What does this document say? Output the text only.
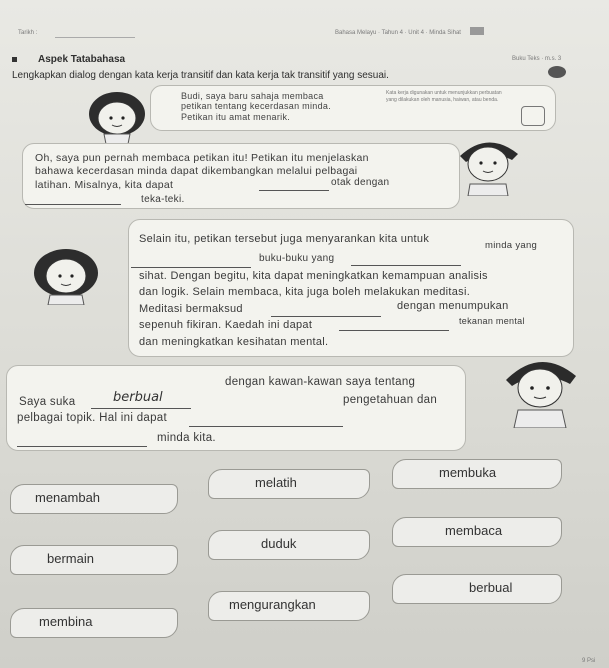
Tarikh :	Bahasa Melayu · Tahun 4 · Unit 4 · Minda Sihat
Buku Teks · m.s. 3
Aspek Tatabahasa
Lengkapkan dialog dengan kata kerja transitif dan kata kerja tak transitif yang sesuai.
Budi, saya baru sahaja membaca
petikan tentang kecerdasan minda.
Petikan itu amat menarik.
Kata kerja digunakan untuk menunjukkan perbuatan yang dilakukan oleh manusia, haiwan, atau benda.
Oh, saya pun pernah membaca petikan itu! Petikan itu menjelaskan
bahawa kecerdasan minda dapat dikembangkan melalui pelbagai
latihan. Misalnya, kita dapat	otak dengan
teka-teki.
Selain itu, petikan tersebut juga menyarankan kita untuk
minda yang
buku-buku yang
sihat. Dengan begitu, kita dapat meningkatkan kemampuan analisis
dan logik. Selain membaca, kita juga boleh melakukan meditasi.
Meditasi bermaksud	dengan menumpukan
sepenuh fikiran. Kaedah ini dapat	tekanan mental
dan meningkatkan kesihatan mental.
Saya suka	berbual
dengan kawan-kawan saya tentang
pelbagai topik. Hal ini dapat
pengetahuan dan
minda kita.
menambah
melatih
membuka
bermain
duduk
membaca
membina
mengurangkan
berbual
9 Psi
